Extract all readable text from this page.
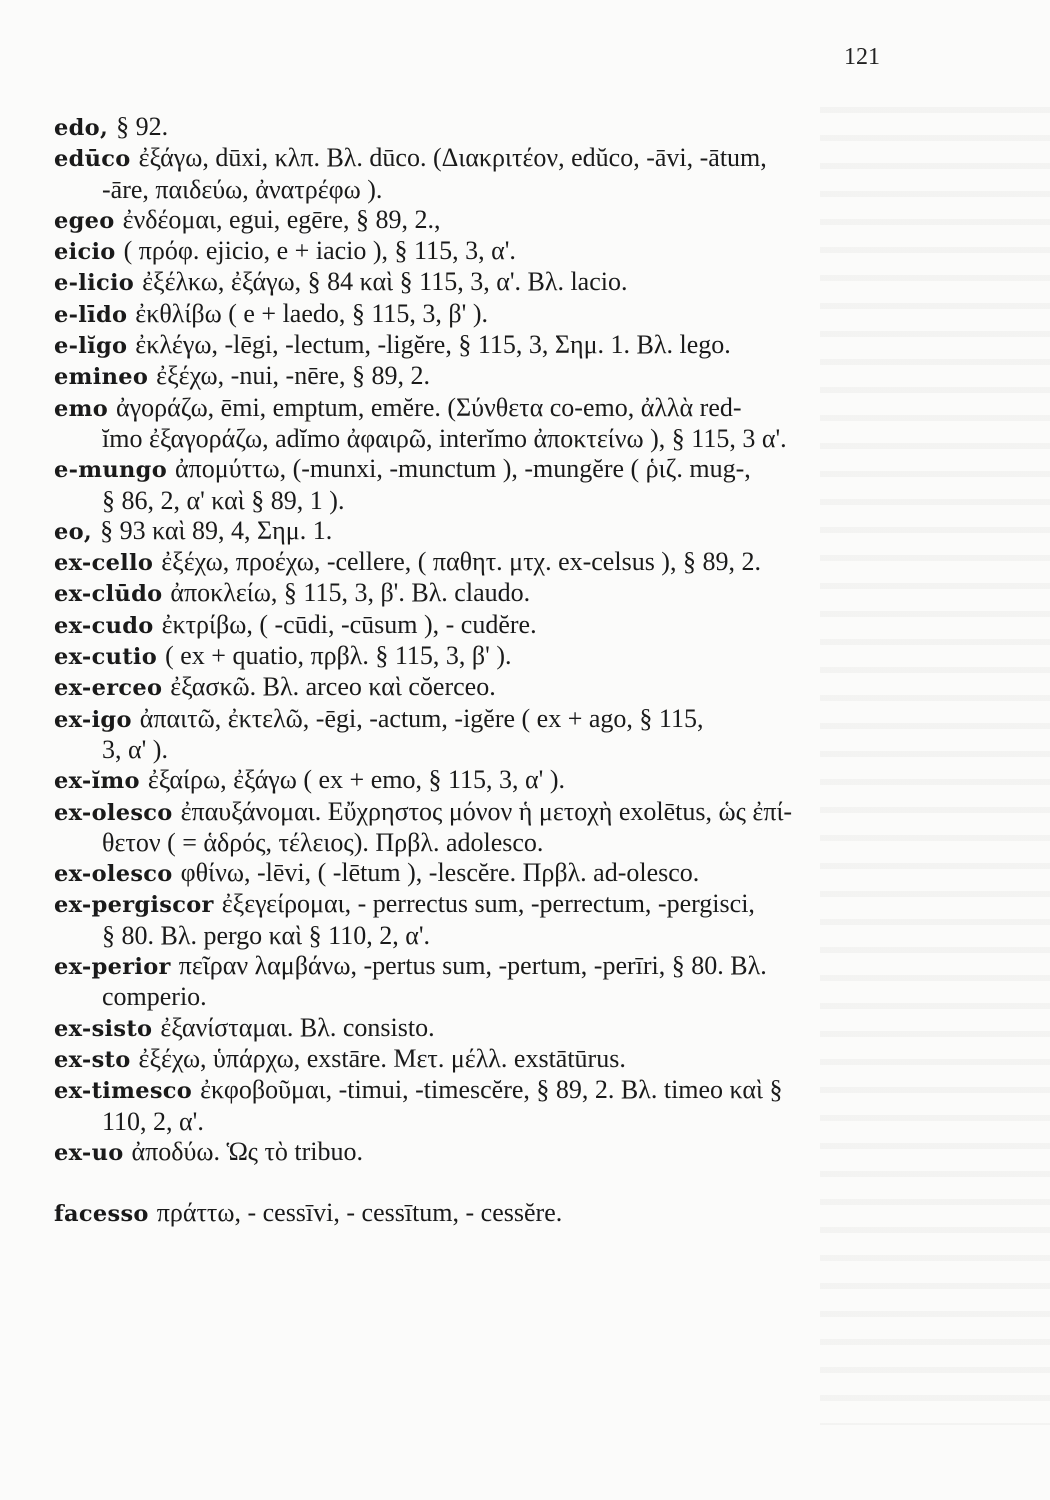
121
edo, § 92.
edūco ἐξάγω, dūxi, κλπ. Βλ. dūco. (Διακριτέον, edŭco, -āvi, -ātum,
-āre, παιδεύω, ἀνατρέφω ).
egeo ἐνδέομαι, egui, egēre, § 89, 2.,
eicio ( πρόφ. ejicio, e + iacio ), § 115, 3, α'.
e-licio ἐξέλκω, ἐξάγω, § 84 καὶ § 115, 3, α'. Βλ. lacio.
e-līdo ἐκθλίβω ( e + laedo, § 115, 3, β' ).
e-lĭgo ἐκλέγω, -lēgi, -lectum, -ligĕre, § 115, 3, Σημ. 1. Βλ. lego.
emineo ἐξέχω, -nui, -nēre, § 89, 2.
emo ἀγοράζω, ēmi, emptum, emĕre. (Σύνθετα co-emo, ἀλλὰ red-
ĭmo ἐξαγοράζω, adĭmo ἀφαιρῶ, interĭmo ἀποκτείνω ), § 115, 3 α'.
e-mungo ἀπομύττω, (-munxi, -munctum ), -mungĕre ( ῥιζ. mug-,
§ 86, 2, α' καὶ § 89, 1 ).
eo, § 93 καὶ 89, 4, Σημ. 1.
ex-cello ἐξέχω, προέχω, -cellere, ( παθητ. μτχ. ex-celsus ), § 89, 2.
ex-clūdo ἀποκλείω, § 115, 3, β'. Βλ. claudo.
ex-cudo ἐκτρίβω, ( -cūdi, -cūsum ), - cudĕre.
ex-cutio ( ex + quatio, πρβλ. § 115, 3, β' ).
ex-erceo ἐξασκῶ. Βλ. arceo καὶ cŏerceo.
ex-igo ἀπαιτῶ, ἐκτελῶ, -ēgi, -actum, -igĕre ( ex + ago, § 115,
3, α' ).
ex-ĭmo ἐξαίρω, ἐξάγω ( ex + emo, § 115, 3, α' ).
ex-olesco ἐπαυξάνομαι. Εὔχρηστος μόνον ἡ μετοχὴ exolētus, ὡς ἐπί-
θετον ( = ἁδρός, τέλειος). Πρβλ. adolesco.
ex-olesco φθίνω, -lēvi, ( -lētum ), -lescĕre. Πρβλ. ad-olesco.
ex-pergiscor ἐξεγείρομαι, - perrectus sum, -perrectum, -pergisci,
§ 80. Βλ. pergo καὶ § 110, 2, α'.
ex-perior πεῖραν λαμβάνω, -pertus sum, -pertum, -perīri, § 80. Βλ.
comperio.
ex-sisto ἐξανίσταμαι. Βλ. consisto.
ex-sto ἐξέχω, ὑπάρχω, exstāre. Μετ. μέλλ. exstātūrus.
ex-timesco ἐκφοβοῦμαι, -timui, -timescĕre, § 89, 2. Βλ. timeo καὶ §
110, 2, α'.
ex-uo ἀποδύω. Ὡς τὸ tribuo.
facesso πράττω, - cessīvi, - cessītum, - cessĕre.
